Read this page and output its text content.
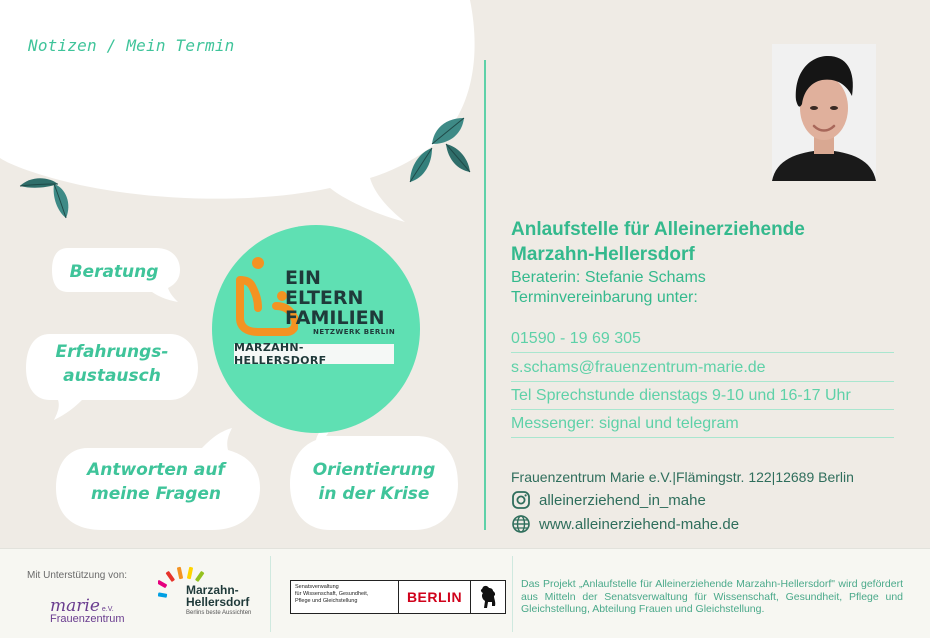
Notizen / Mein Termin
Beratung
Erfahrungs-
austausch
Antworten auf
meine Fragen
Orientierung
in der Krise
EIN
ELTERN
FAMILIEN
NETZWERK BERLIN
MARZAHN-HELLERSDORF
Anlaufstelle für Alleinerziehende
Marzahn-Hellersdorf
Beraterin: Stefanie Schams
Terminvereinbarung unter:
01590 - 19 69 305
s.schams@frauenzentrum-marie.de
Tel Sprechstunde dienstags 9-10 und 16-17 Uhr
Messenger: signal und telegram
Frauenzentrum Marie e.V.|Flämingstr. 122|12689 Berlin
alleinerziehend_in_mahe
www.alleinerziehend-mahe.de
Mit Unterstützung von:
marie e.V.
Frauenzentrum
Marzahn-
Hellersdorf
Berlins beste Aussichten
Senatsverwaltung
für Wissenschaft, Gesundheit,
Pflege und Gleichstellung	BERLIN
Das Projekt „Anlaufstelle für Alleinerziehende Marzahn-Hellersdorf" wird gefördert aus Mitteln der Senatsverwaltung für Wissenschaft, Gesundheit, Pflege und Gleichstellung, Abteilung Frauen und Gleichstellung.
